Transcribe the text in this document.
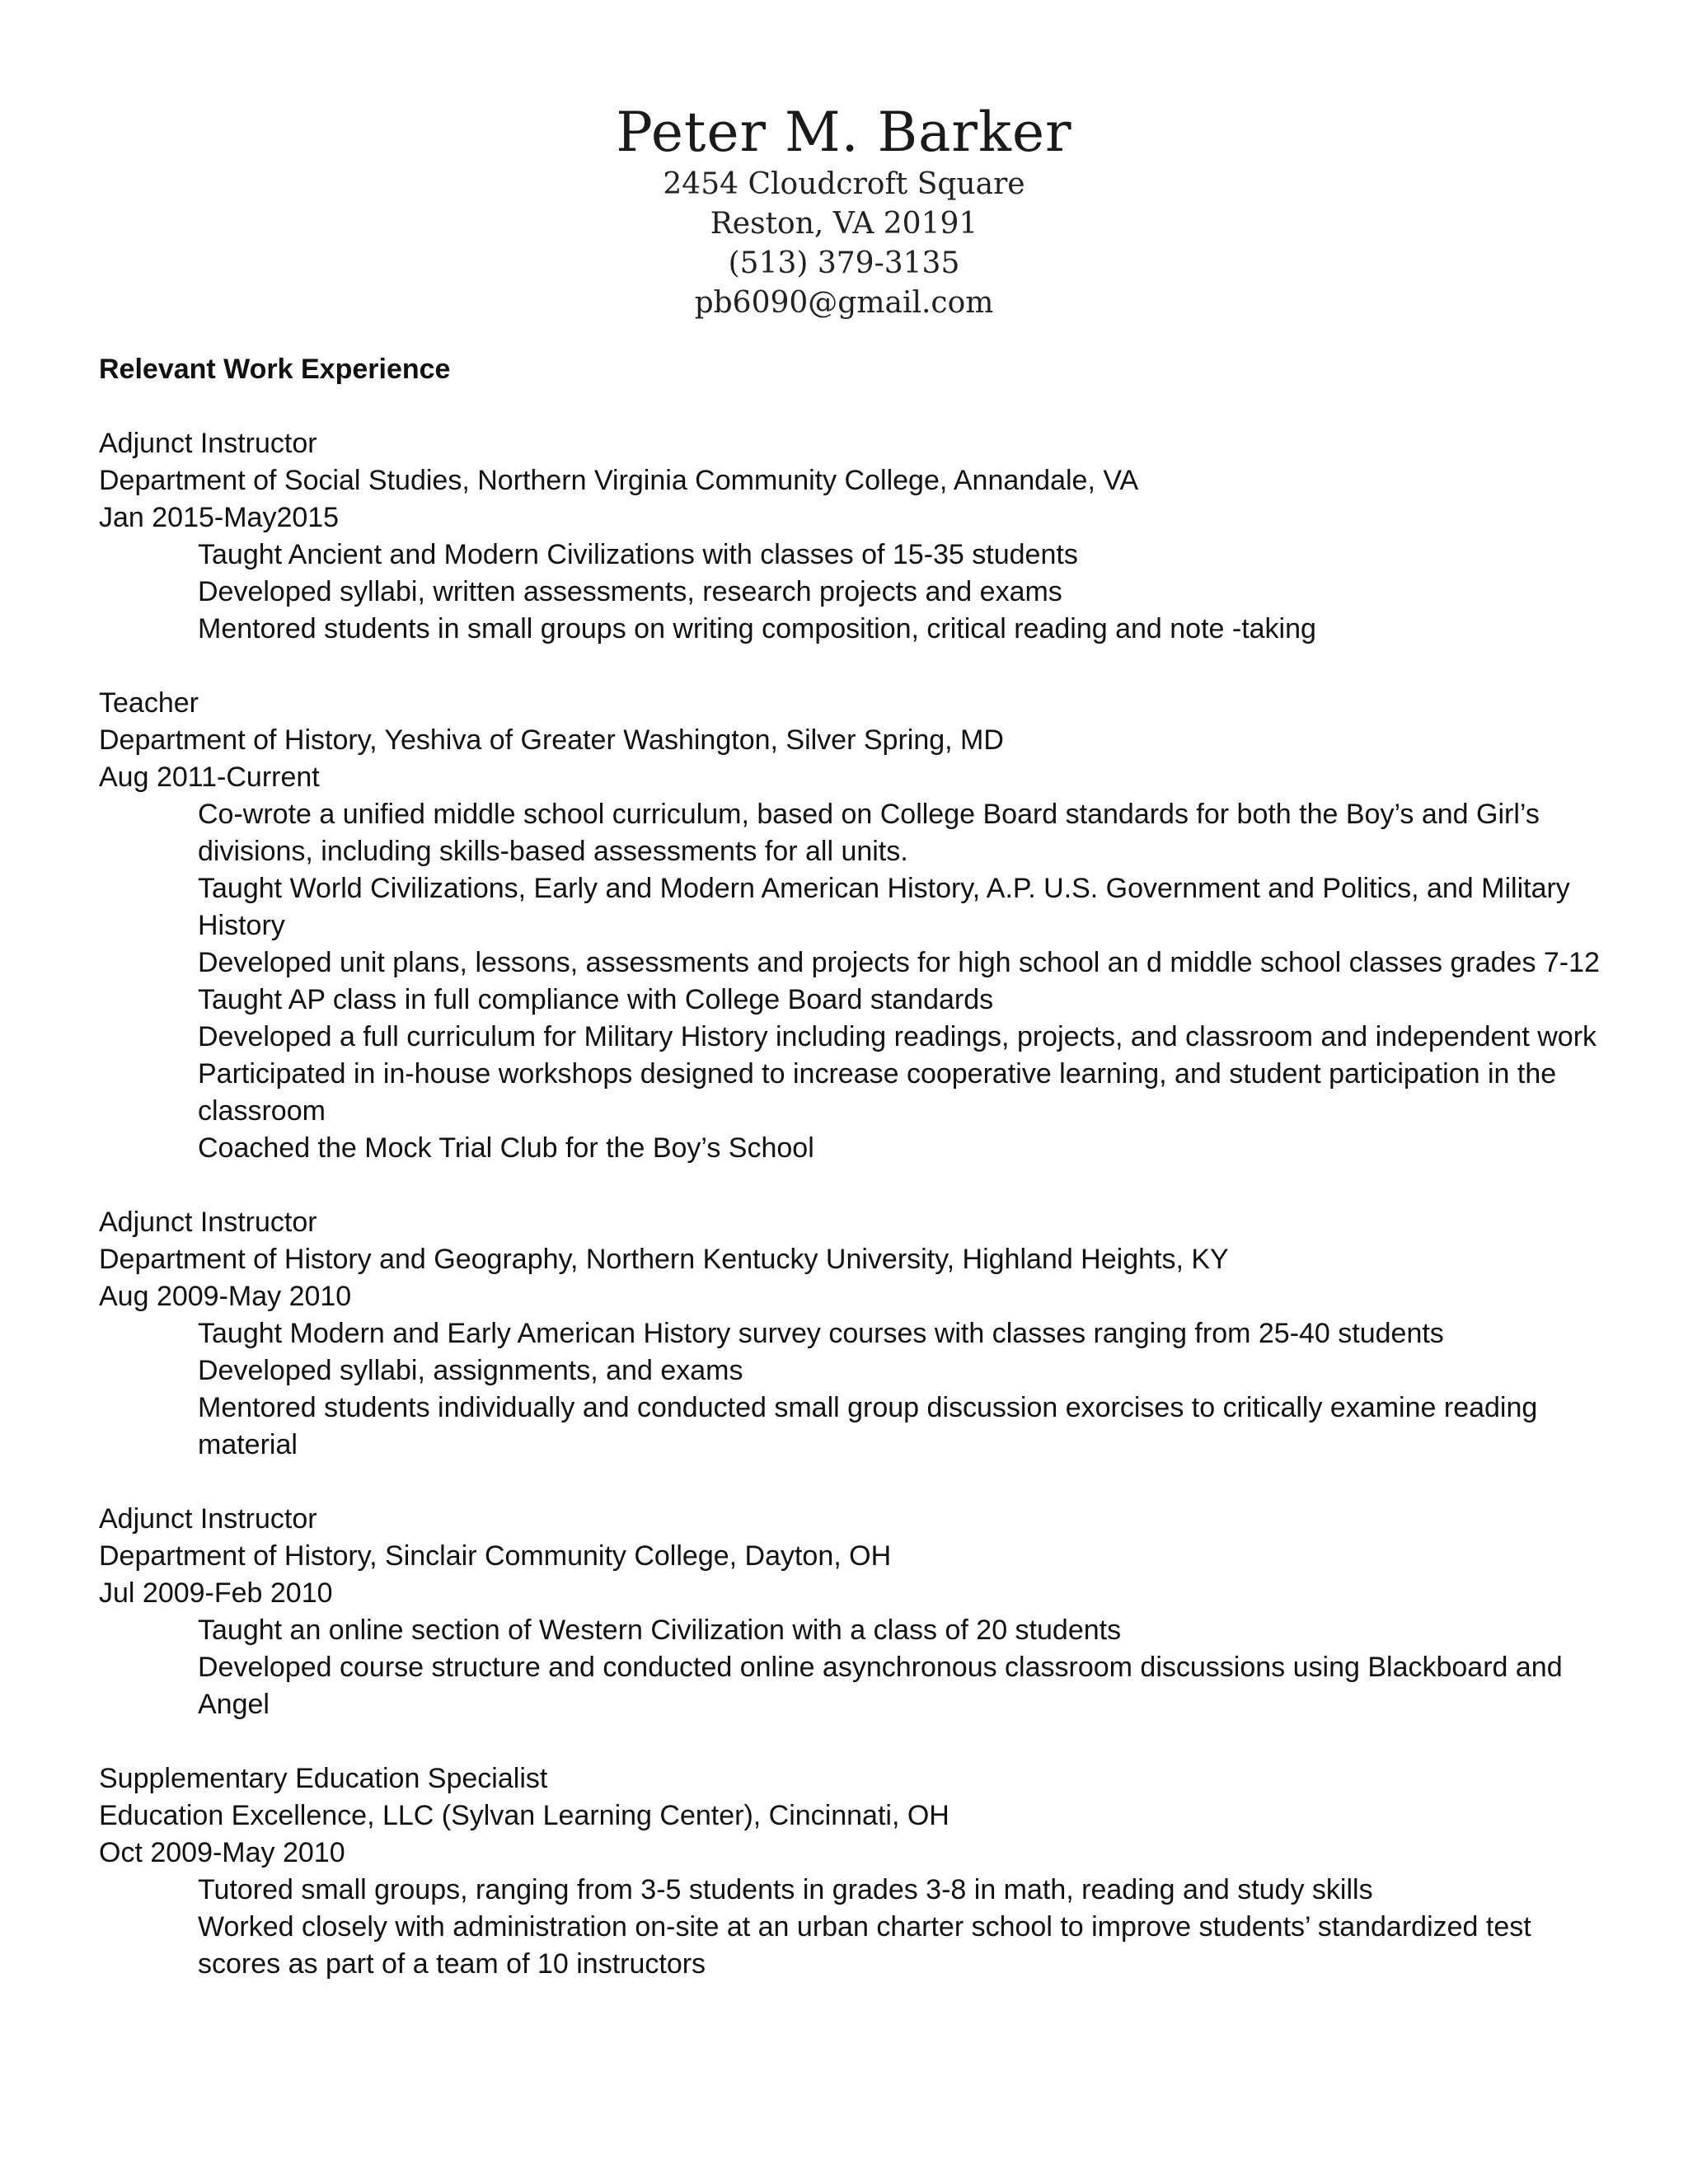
Peter M. Barker
2454 Cloudcroft Square
Reston, VA 20191
(513) 379-3135
pb6090@gmail.com
Relevant Work Experience
Adjunct Instructor
Department of Social Studies, Northern Virginia Community College, Annandale, VA
Jan 2015-May2015
Taught Ancient and Modern Civilizations with classes of 15-35 students
Developed syllabi, written assessments, research projects and exams
Mentored students in small groups on writing composition, critical reading and note -taking
Teacher
Department of History, Yeshiva of Greater Washington, Silver Spring, MD
Aug 2011-Current
Co-wrote a unified middle school curriculum, based on College Board standards for both the Boy’s and Girl’s divisions, including skills-based assessments for all units.
Taught World Civilizations, Early and Modern American History, A.P. U.S. Government and Politics, and Military History
Developed unit plans, lessons, assessments and projects for high school an d middle school classes grades 7-12
Taught AP class in full compliance with College Board standards
Developed a full curriculum for Military History including readings, projects, and classroom and independent work
Participated in in-house workshops designed to increase cooperative learning, and student participation in the classroom
Coached the Mock Trial Club for the Boy’s School
Adjunct Instructor
Department of History and Geography, Northern Kentucky University, Highland Heights, KY
Aug 2009-May 2010
Taught Modern and Early American History survey courses with classes ranging from 25-40 students
Developed syllabi, assignments, and exams
Mentored students individually and conducted small group discussion exorcises to critically examine reading material
Adjunct Instructor
Department of History, Sinclair Community College, Dayton, OH
Jul 2009-Feb 2010
Taught an online section of Western Civilization with a class of 20 students
Developed course structure and conducted online asynchronous classroom discussions using Blackboard and Angel
Supplementary Education Specialist
Education Excellence, LLC (Sylvan Learning Center), Cincinnati, OH
Oct 2009-May 2010
Tutored small groups, ranging from 3-5 students in grades 3-8 in math, reading and study skills
Worked closely with administration on-site at an urban charter school to improve students’ standardized test scores as part of a team of 10 instructors
